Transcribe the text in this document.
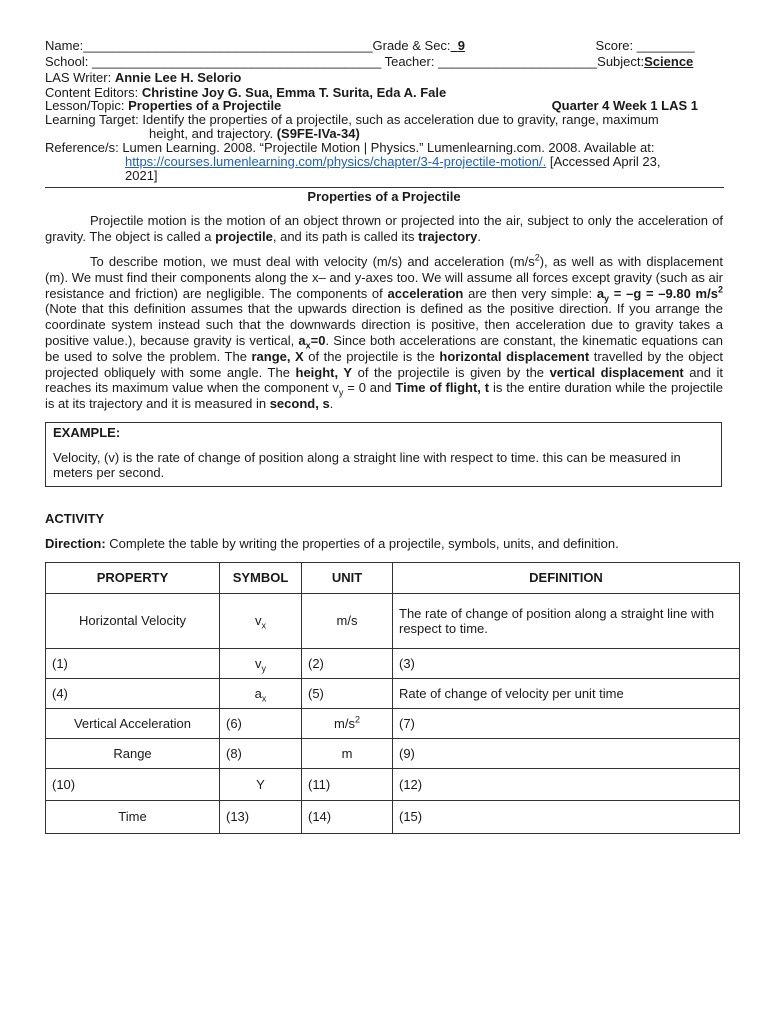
Name:________________________________________Grade & Sec: 9	Score: ________
School: ________________________________________ Teacher: ______________________Subject:Science
LAS Writer: Annie Lee H. Selorio
Content Editors: Christine Joy G. Sua, Emma T. Surita, Eda A. Fale
Lesson/Topic: Properties of a Projectile	Quarter 4 Week 1 LAS 1
Learning Target: Identify the properties of a projectile, such as acceleration due to gravity, range, maximum
height, and trajectory. (S9FE-IVa-34)
Reference/s: Lumen Learning. 2008. “Projectile Motion | Physics.” Lumenlearning.com. 2008. Available at:
https://courses.lumenlearning.com/physics/chapter/3-4-projectile-motion/. [Accessed April 23,
2021]
Properties of a Projectile

Projectile motion is the motion of an object thrown or projected into the air, subject to only the acceleration of gravity. The object is called a projectile, and its path is called its trajectory.

To describe motion, we must deal with velocity (m/s) and acceleration $(m/s^2)$, as well as with displacement (m). We must find their components along the x– and y-axes too. We will assume all forces except gravity (such as air resistance and friction) are negligible. The components of acceleration are then very simple: $a_y = -g = -9.80$ $m/s^2$ (Note that this definition assumes that the upwards direction is defined as the positive direction. If you arrange the coordinate system instead such that the downwards direction is positive, then acceleration due to gravity takes a positive value.), because gravity is vertical, $a_x=0$. Since both accelerations are constant, the kinematic equations can be used to solve the problem. The range, X of the projectile is the horizontal displacement travelled by the object projected obliquely with some angle. The height, Y of the projectile is given by the vertical displacement and it reaches its maximum value when the component $v_y = 0$ and Time of flight, t is the entire duration while the projectile is at its trajectory and it is measured in second, s.

EXAMPLE:
Velocity, (v) is the rate of change of position along a straight line with respect to time. this can be measured in meters per second.
ACTIVITY
Direction: Complete the table by writing the properties of a projectile, symbols, units, and definition.
PROPERTY	SYMBOL	UNIT	DEFINITION
Horizontal Velocity	$v_x$	m/s	The rate of change of position along a straight line with respect to time.
(1)	$v_y$	(2)	(3)
(4)	$a_x$	(5)	Rate of change of velocity per unit time
Vertical Acceleration	(6)	$m/s^2$	(7)
Range	(8)	m	(9)
(10)	Y	(11)	(12)
Time	(13)	(14)	(15)
